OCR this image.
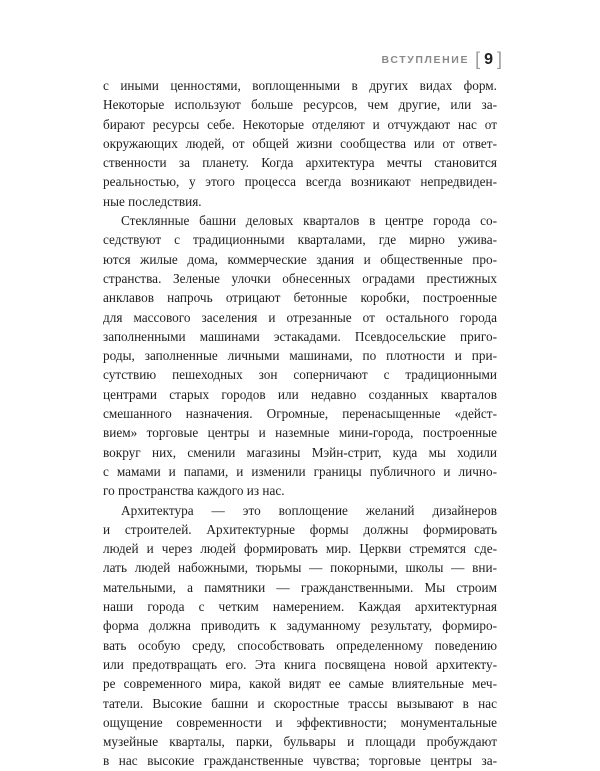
ВСТУПЛЕНИЕ [ 9 ]

с иными ценностями, воплощенными в других видах форм.
Некоторые используют больше ресурсов, чем другие, или за-
бирают ресурсы себе. Некоторые отделяют и отчуждают нас от
окружающих людей, от общей жизни сообщества или от ответ-
ственности за планету. Когда архитектура мечты становится
реальностью, у этого процесса всегда возникают непредвиден-
ные последствия.

Стеклянные башни деловых кварталов в центре города со-
седствуют с традиционными кварталами, где мирно ужива-
ются жилые дома, коммерческие здания и общественные про-
странства. Зеленые улочки обнесенных оградами престижных
анклавов напрочь отрицают бетонные коробки, построенные
для массового заселения и отрезанные от остального города
заполненными машинами эстакадами. Псевдосельские приго-
роды, заполненные личными машинами, по плотности и при-
сутствию пешеходных зон соперничают с традиционными
центрами старых городов или недавно созданных кварталов
смешанного назначения. Огромные, перенасыщенные «дейст-
вием» торговые центры и наземные мини-города, построенные
вокруг них, сменили магазины Мэйн-стрит, куда мы ходили
с мамами и папами, и изменили границы публичного и лично-
го пространства каждого из нас.

Архитектура — это воплощение желаний дизайнеров
и строителей. Архитектурные формы должны формировать
людей и через людей формировать мир. Церкви стремятся сде-
лать людей набожными, тюрьмы — покорными, школы — вни-
мательными, а памятники — гражданственными. Мы строим
наши города с четким намерением. Каждая архитектурная
форма должна приводить к задуманному результату, формиро-
вать особую среду, способствовать определенному поведению
или предотвращать его. Эта книга посвящена новой архитекту-
ре современного мира, какой видят ее самые влиятельные меч-
татели. Высокие башни и скоростные трассы вызывают в нас
ощущение современности и эффективности; монументальные
музейные кварталы, парки, бульвары и площади пробуждают
в нас высокие гражданственные чувства; торговые центры за-
